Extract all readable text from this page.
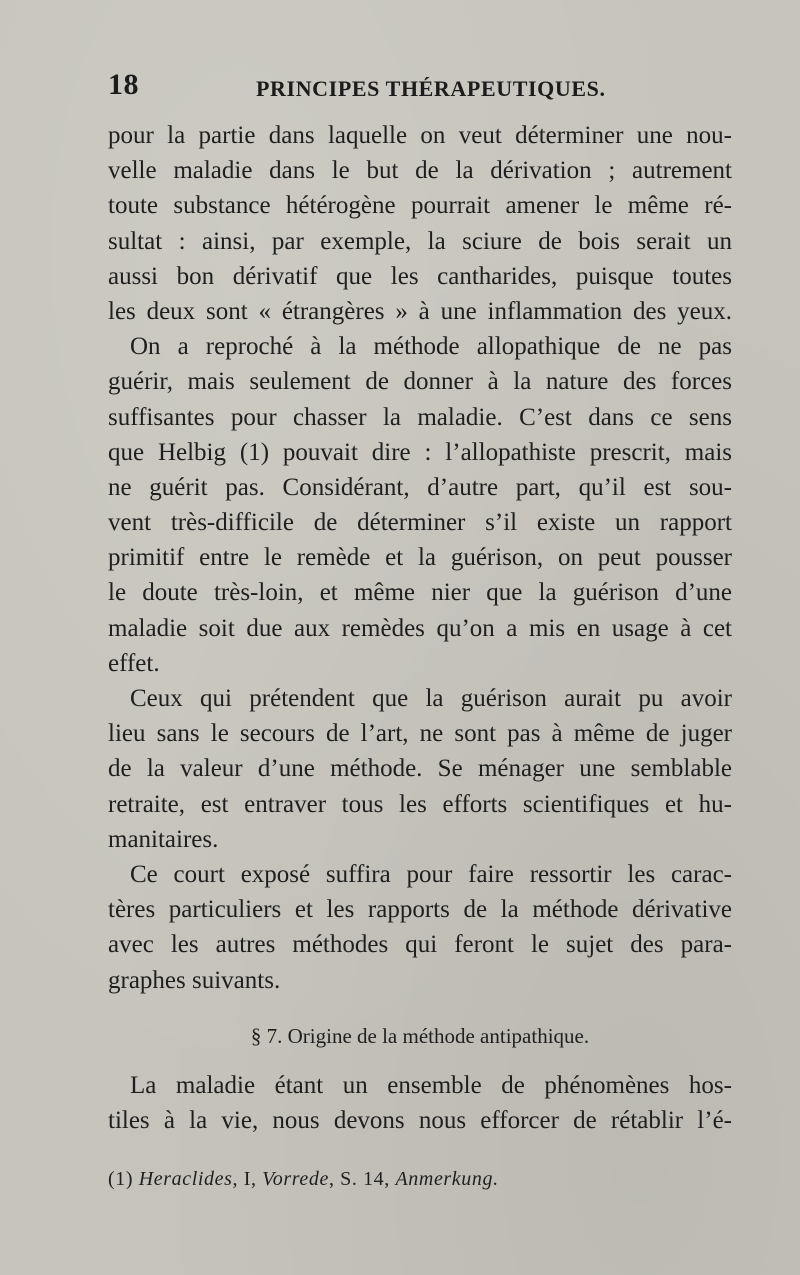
18	PRINCIPES THÉRAPEUTIQUES.
pour la partie dans laquelle on veut déterminer une nou-
velle maladie dans le but de la dérivation ; autrement
toute substance hétérogène pourrait amener le même ré-
sultat : ainsi, par exemple, la sciure de bois serait un
aussi bon dérivatif que les cantharides, puisque toutes
les deux sont « étrangères » à une inflammation des yeux.
On a reproché à la méthode allopathique de ne pas
guérir, mais seulement de donner à la nature des forces
suffisantes pour chasser la maladie. C’est dans ce sens
que Helbig (1) pouvait dire : l’allopathiste prescrit, mais
ne guérit pas. Considérant, d’autre part, qu’il est sou-
vent très-difficile de déterminer s’il existe un rapport
primitif entre le remède et la guérison, on peut pousser
le doute très-loin, et même nier que la guérison d’une
maladie soit due aux remèdes qu’on a mis en usage à cet
effet.
Ceux qui prétendent que la guérison aurait pu avoir
lieu sans le secours de l’art, ne sont pas à même de juger
de la valeur d’une méthode. Se ménager une semblable
retraite, est entraver tous les efforts scientifiques et hu-
manitaires.
Ce court exposé suffira pour faire ressortir les carac-
tères particuliers et les rapports de la méthode dérivative
avec les autres méthodes qui feront le sujet des para-
graphes suivants.
§ 7. Origine de la méthode antipathique.
La maladie étant un ensemble de phénomènes hos-
tiles à la vie, nous devons nous efforcer de rétablir l’é-
(1) Heraclides, I, Vorrede, S. 14, Anmerkung.
